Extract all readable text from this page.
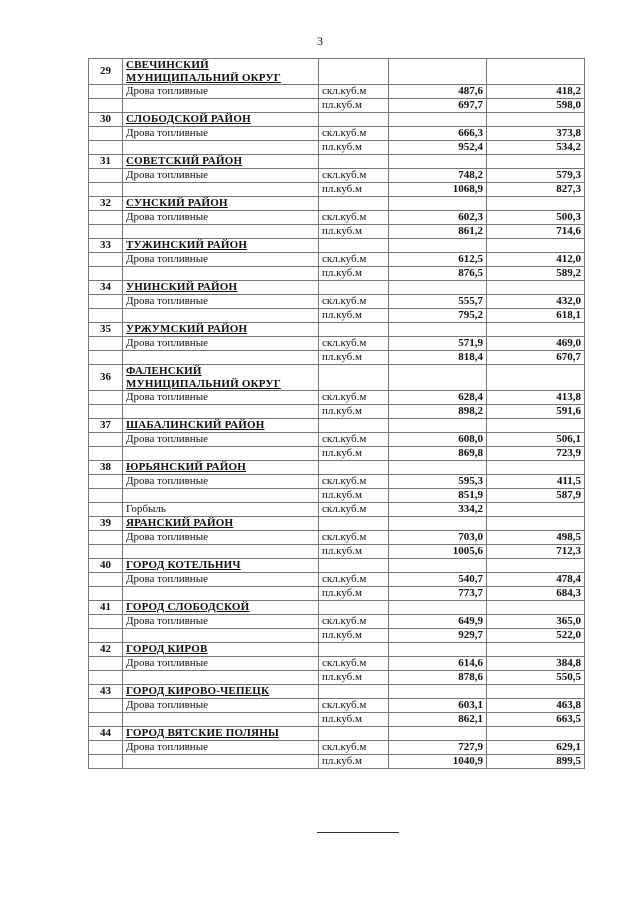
3
29	СВЕЧИНСКИЙ МУНИЦИПАЛЬНИЙ ОКРУГ			
	Дрова топливные	скл.куб.м	487,6	418,2
		пл.куб.м	697,7	598,0
30	СЛОБОДСКОЙ РАЙОН			
	Дрова топливные	скл.куб.м	666,3	373,8
		пл.куб.м	952,4	534,2
31	СОВЕТСКИЙ РАЙОН			
	Дрова топливные	скл.куб.м	748,2	579,3
		пл.куб.м	1068,9	827,3
32	СУНСКИЙ РАЙОН			
	Дрова топливные	скл.куб.м	602,3	500,3
		пл.куб.м	861,2	714,6
33	ТУЖИНСКИЙ РАЙОН			
	Дрова топливные	скл.куб.м	612,5	412,0
		пл.куб.м	876,5	589,2
34	УНИНСКИЙ РАЙОН			
	Дрова топливные	скл.куб.м	555,7	432,0
		пл.куб.м	795,2	618,1
35	УРЖУМСКИЙ РАЙОН			
	Дрова топливные	скл.куб.м	571,9	469,0
		пл.куб.м	818,4	670,7
36	ФАЛЕНСКИЙ МУНИЦИПАЛЬНИЙ ОКРУГ			
	Дрова топливные	скл.куб.м	628,4	413,8
		пл.куб.м	898,2	591,6
37	ШАБАЛИНСКИЙ РАЙОН			
	Дрова топливные	скл.куб.м	608,0	506,1
		пл.куб.м	869,8	723,9
38	ЮРЬЯНСКИЙ РАЙОН			
	Дрова топливные	скл.куб.м	595,3	411,5
		пл.куб.м	851,9	587,9
	Горбыль	скл.куб.м	334,2	
39	ЯРАНСКИЙ РАЙОН			
	Дрова топливные	скл.куб.м	703,0	498,5
		пл.куб.м	1005,6	712,3
40	ГОРОД КОТЕЛЬНИЧ			
	Дрова топливные	скл.куб.м	540,7	478,4
		пл.куб.м	773,7	684,3
41	ГОРОД СЛОБОДСКОЙ			
	Дрова топливные	скл.куб.м	649,9	365,0
		пл.куб.м	929,7	522,0
42	ГОРОД КИРОВ			
	Дрова топливные	скл.куб.м	614,6	384,8
		пл.куб.м	878,6	550,5
43	ГОРОД КИРОВО-ЧЕПЕЦК			
	Дрова топливные	скл.куб.м	603,1	463,8
		пл.куб.м	862,1	663,5
44	ГОРОД ВЯТСКИЕ ПОЛЯНЫ			
	Дрова топливные	скл.куб.м	727,9	629,1
		пл.куб.м	1040,9	899,5
